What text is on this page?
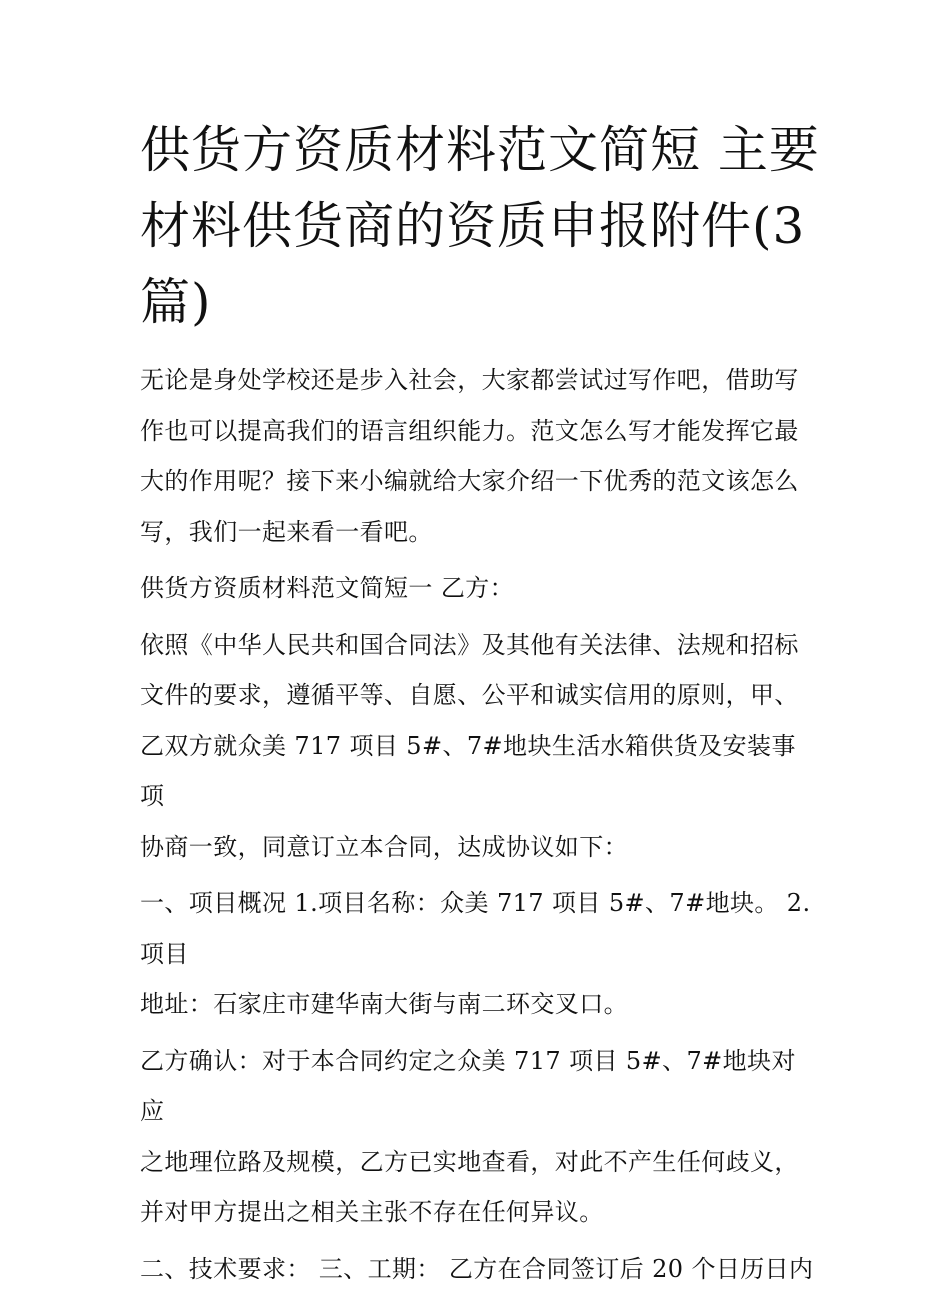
供货方资质材料范文简短 主要
材料供货商的资质申报附件(3
篇)

无论是身处学校还是步入社会，大家都尝试过写作吧，借助写
作也可以提高我们的语言组织能力。范文怎么写才能发挥它最
大的作用呢？接下来小编就给大家介绍一下优秀的范文该怎么
写，我们一起来看一看吧。

供货方资质材料范文简短一 乙方：

依照《中华人民共和国合同法》及其他有关法律、法规和招标
文件的要求，遵循平等、自愿、公平和诚实信用的原则，甲、
乙双方就众美 717 项目 5#、7#地块生活水箱供货及安装事项
协商一致，同意订立本合同，达成协议如下：

一、项目概况 1.项目名称：众美 717 项目 5#、7#地块。 2.项目
地址：石家庄市建华南大街与南二环交叉口。

乙方确认：对于本合同约定之众美 717 项目 5#、7#地块对应
之地理位路及规模，乙方已实地查看，对此不产生任何歧义，
并对甲方提出之相关主张不存在任何异议。

二、技术要求： 三、工期： 乙方在合同签订后 20 个日历日内
